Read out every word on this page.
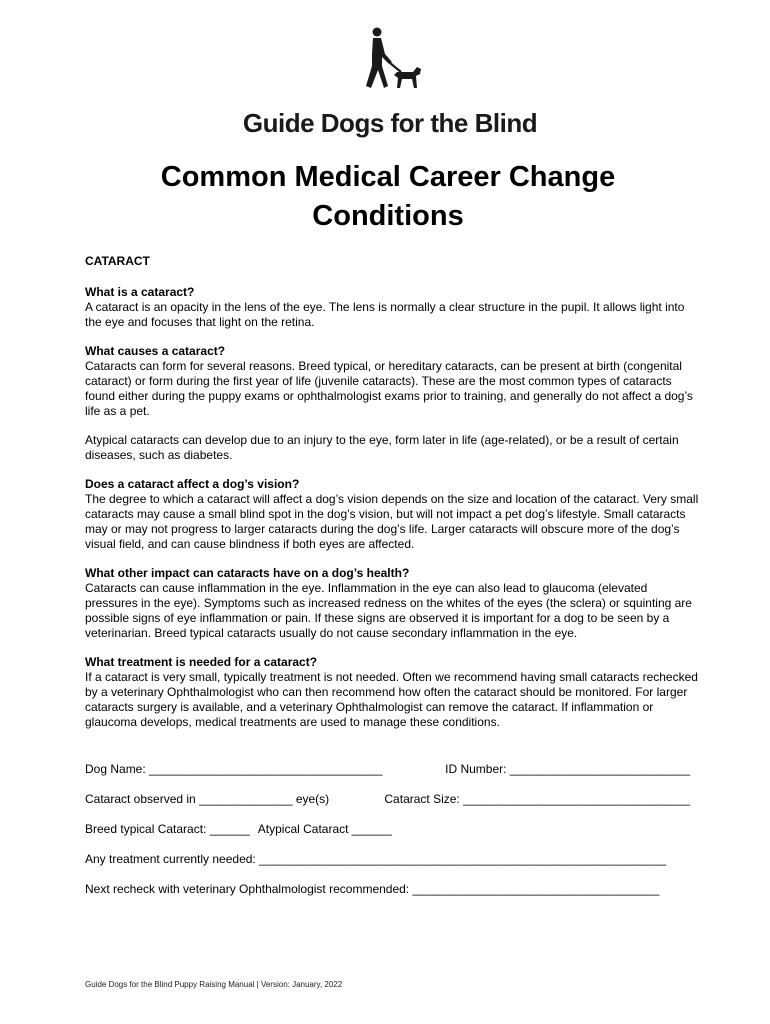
Guide Dogs for the Blind
Common Medical Career Change
Conditions
CATARACT
What is a cataract?
A cataract is an opacity in the lens of the eye. The lens is normally a clear structure in the pupil. It allows light into the eye and focuses that light on the retina.
What causes a cataract?
Cataracts can form for several reasons. Breed typical, or hereditary cataracts, can be present at birth (congenital cataract) or form during the first year of life (juvenile cataracts). These are the most common types of cataracts found either during the puppy exams or ophthalmologist exams prior to training, and generally do not affect a dog’s life as a pet.
Atypical cataracts can develop due to an injury to the eye, form later in life (age-related), or be a result of certain diseases, such as diabetes.
Does a cataract affect a dog’s vision?
The degree to which a cataract will affect a dog’s vision depends on the size and location of the cataract. Very small cataracts may cause a small blind spot in the dog’s vision, but will not impact a pet dog’s lifestyle. Small cataracts may or may not progress to larger cataracts during the dog’s life. Larger cataracts will obscure more of the dog’s visual field, and can cause blindness if both eyes are affected.
What other impact can cataracts have on a dog’s health?
Cataracts can cause inflammation in the eye. Inflammation in the eye can also lead to glaucoma (elevated pressures in the eye). Symptoms such as increased redness on the whites of the eyes (the sclera) or squinting are possible signs of eye inflammation or pain. If these signs are observed it is important for a dog to be seen by a veterinarian. Breed typical cataracts usually do not cause secondary inflammation in the eye.
What treatment is needed for a cataract?
If a cataract is very small, typically treatment is not needed. Often we recommend having small cataracts rechecked by a veterinary Ophthalmologist who can then recommend how often the cataract should be monitored. For larger cataracts surgery is available, and a veterinary Ophthalmologist can remove the cataract. If inflammation or glaucoma develops, medical treatments are used to manage these conditions.
Dog Name: ___________________________________	ID Number: ___________________________
Cataract observed in ______________ eye(s)	Cataract Size: __________________________________
Breed typical Cataract: ______ Atypical Cataract ______
Any treatment currently needed: _____________________________________________________________
Next recheck with veterinary Ophthalmologist recommended: _____________________________________
Guide Dogs for the Blind Puppy Raising Manual | Version: January, 2022
